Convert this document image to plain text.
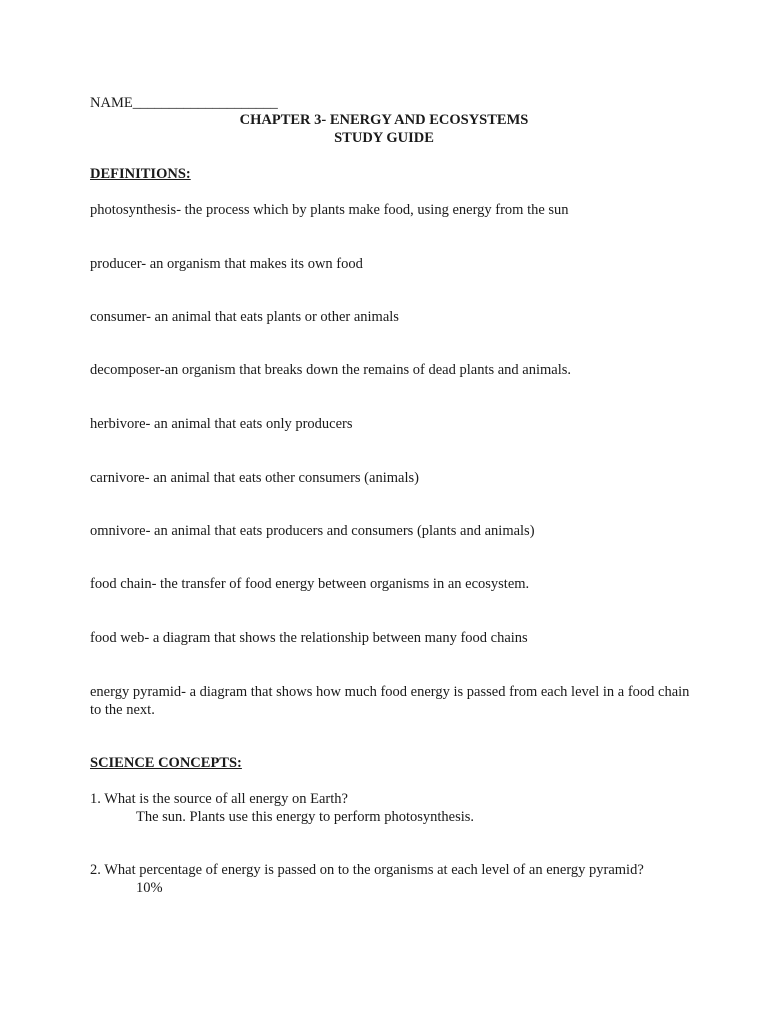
NAME____________________
CHAPTER 3- ENERGY AND ECOSYSTEMS
STUDY GUIDE
DEFINITIONS:
photosynthesis- the process which by plants make food, using energy from the sun
producer- an organism that makes its own food
consumer- an animal that eats plants or other animals
decomposer-an organism that breaks down the remains of dead plants and animals.
herbivore- an animal that eats only producers
carnivore- an animal that eats other consumers (animals)
omnivore- an animal that eats producers and consumers (plants and animals)
food chain- the transfer of food energy between organisms in an ecosystem.
food web- a diagram that shows the relationship between many food chains
energy pyramid- a diagram that shows how much food energy is passed from each level in a food chain to the next.
SCIENCE CONCEPTS:
1. What is the source of all energy on Earth?
The sun. Plants use this energy to perform photosynthesis.
2. What percentage of energy is passed on to the organisms at each level of an energy pyramid?
10%
